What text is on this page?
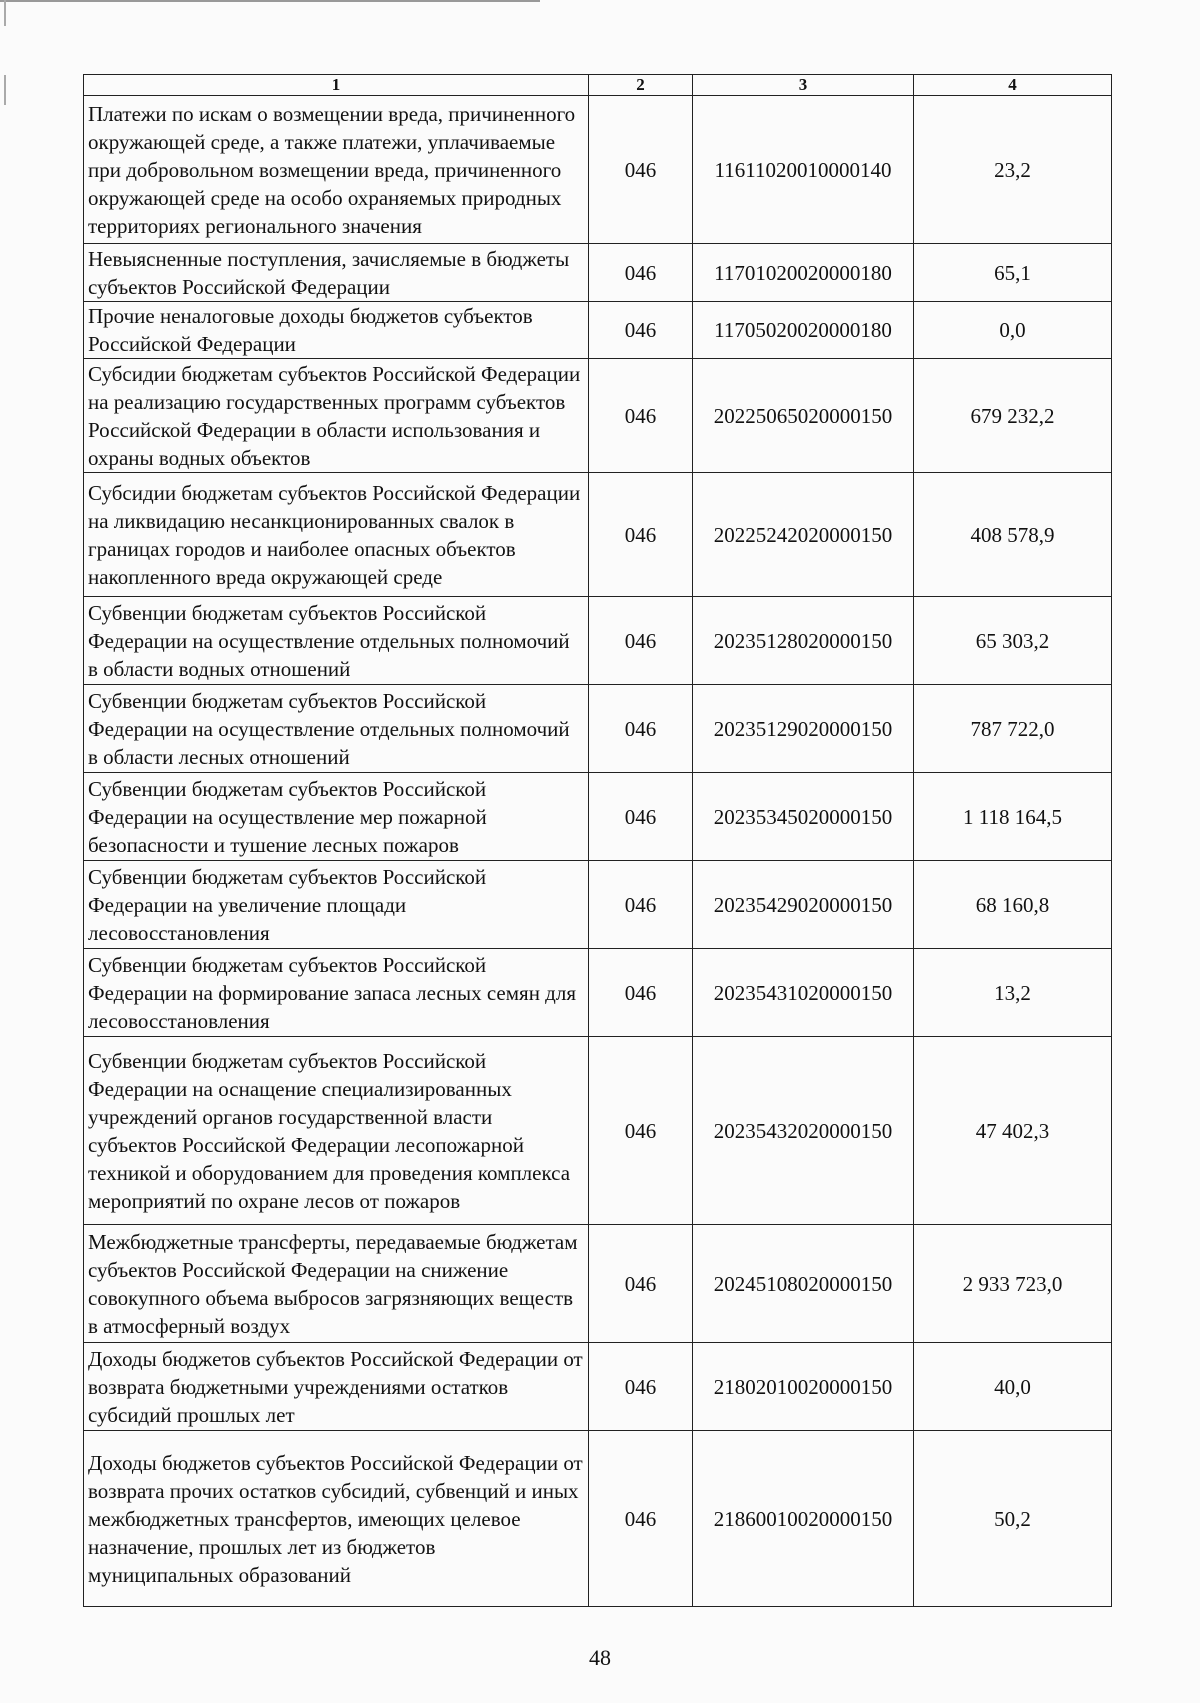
1	2	3	4
Платежи по искам о возмещении вреда, причиненного окружающей среде, а также платежи, уплачиваемые при добровольном возмещении вреда, причиненного окружающей среде на особо охраняемых природных территориях регионального значения	046	11611020010000140	23,2
Невыясненные поступления, зачисляемые в бюджеты субъектов Российской Федерации	046	11701020020000180	65,1
Прочие неналоговые доходы бюджетов субъектов Российской Федерации	046	11705020020000180	0,0
Субсидии бюджетам субъектов Российской Федерации на реализацию государственных программ субъектов Российской Федерации в области использования и охраны водных объектов	046	20225065020000150	679 232,2
Субсидии бюджетам субъектов Российской Федерации на ликвидацию несанкционированных свалок в границах городов и наиболее опасных объектов накопленного вреда окружающей среде	046	20225242020000150	408 578,9
Субвенции бюджетам субъектов Российской Федерации на осуществление отдельных полномочий в области водных отношений	046	20235128020000150	65 303,2
Субвенции бюджетам субъектов Российской Федерации на осуществление отдельных полномочий в области лесных отношений	046	20235129020000150	787 722,0
Субвенции бюджетам субъектов Российской Федерации на осуществление мер пожарной безопасности и тушение лесных пожаров	046	20235345020000150	1 118 164,5
Субвенции бюджетам субъектов Российской Федерации на увеличение площади лесовосстановления	046	20235429020000150	68 160,8
Субвенции бюджетам субъектов Российской Федерации на формирование запаса лесных семян для лесовосстановления	046	20235431020000150	13,2
Субвенции бюджетам субъектов Российской Федерации на оснащение специализированных учреждений органов государственной власти субъектов Российской Федерации лесопожарной техникой и оборудованием для проведения комплекса мероприятий по охране лесов от пожаров	046	20235432020000150	47 402,3
Межбюджетные трансферты, передаваемые бюджетам субъектов Российской Федерации на снижение совокупного объема выбросов загрязняющих веществ в атмосферный воздух	046	20245108020000150	2 933 723,0
Доходы бюджетов субъектов Российской Федерации от возврата бюджетными учреждениями остатков субсидий прошлых лет	046	21802010020000150	40,0
Доходы бюджетов субъектов Российской Федерации от возврата прочих остатков субсидий, субвенций и иных межбюджетных трансфертов, имеющих целевое назначение, прошлых лет из бюджетов муниципальных образований	046	21860010020000150	50,2
48
